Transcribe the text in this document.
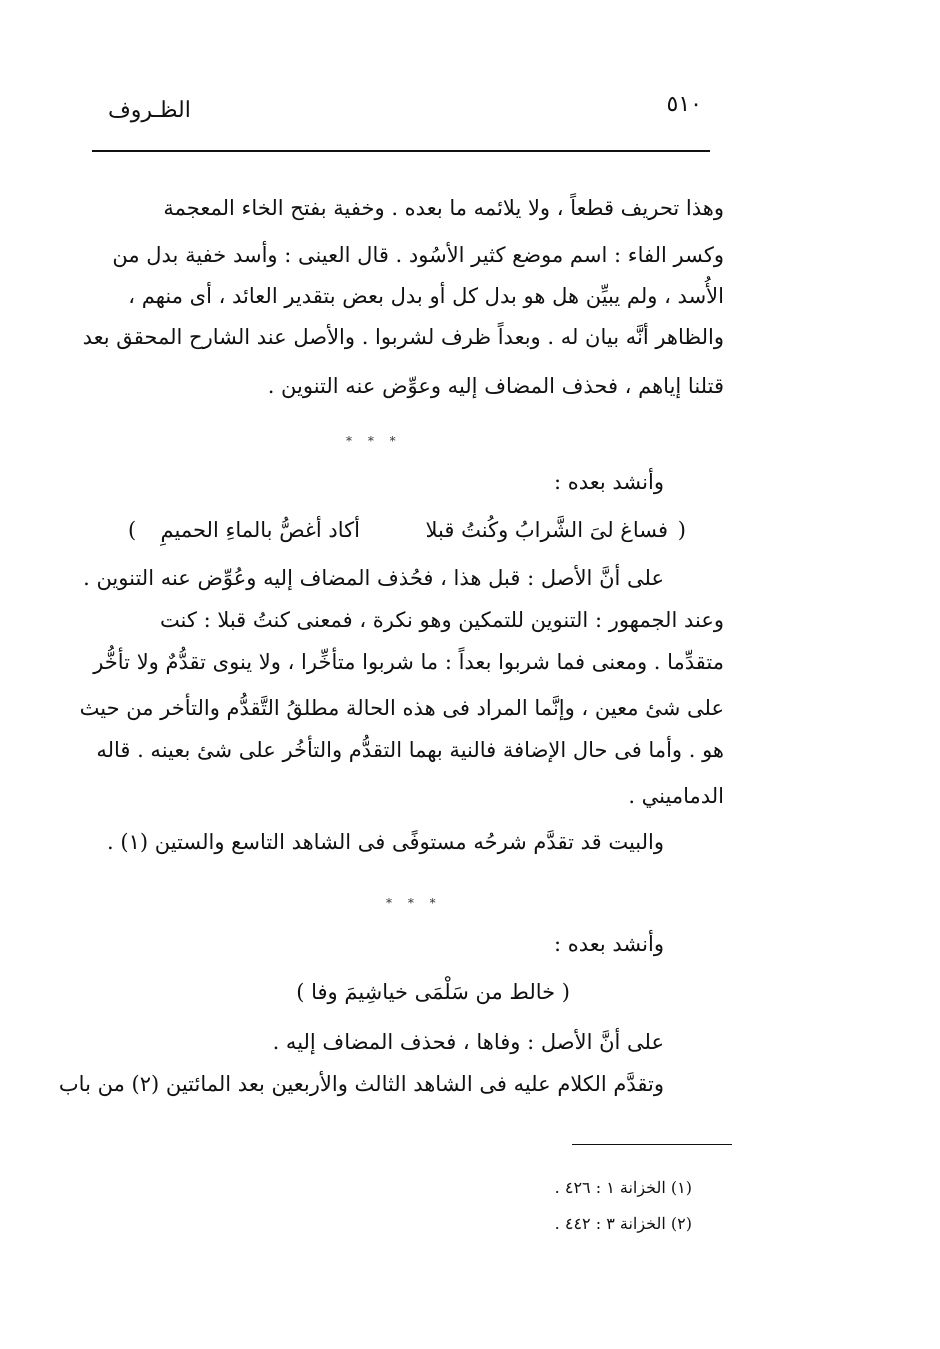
٥١٠
الظـروف
وهذا تحريف قطعاً ، ولا يلائمه ما بعده . وخفية بفتح الخاء المعجمة
وكسر الفاء : اسم موضع كثير الأسُود . قال العينى : وأسد خفية بدل من
الأُسد ، ولم يبيِّن هل هو بدل كل أو بدل بعض بتقدير العائد ، أى منهم ،
والظاهر أنَّه بيان له . وبعداً ظرف لشربوا . والأصل عند الشارح المحقق بعد
قتلنا إياهم ، فحذف المضاف إليه وعوِّض عنه التنوين .
* * *
وأنشد بعده :
(
فساغ لىَ الشَّرابُ وكُنتُ قبلا
أكاد أغصُّ بالماءِ الحميمِ
)
على أنَّ الأصل : قبل هذا ، فحُذف المضاف إليه وعُوِّض عنه التنوين .
وعند الجمهور : التنوين للتمكين وهو نكرة ، فمعنى كنتُ قبلا : كنت
متقدِّما . ومعنى فما شربوا بعداً : ما شربوا متأخِّرا ، ولا ينوى تقدُّمٌ ولا تأخُّر
على شئ معين ، وإنَّما المراد فى هذه الحالة مطلقُ التَّقدُّم والتأخر من حيث
هو . وأما فى حال الإضافة فالنية بهما التقدُّم والتأخُر على شئ بعينه . قاله
الدماميني .
والبيت قد تقدَّم شرحُه مستوفًى فى الشاهد التاسع والستين (١) .
* * *
وأنشد بعده :
( خالط من سَلْمَى خياشِيمَ وفا )
على أنَّ الأصل : وفاها ، فحذف المضاف إليه .
وتقدَّم الكلام عليه فى الشاهد الثالث والأربعين بعد المائتين (٢) من باب
(١) الخزانة ١ : ٤٢٦ .
(٢) الخزانة ٣ : ٤٤٢ .
